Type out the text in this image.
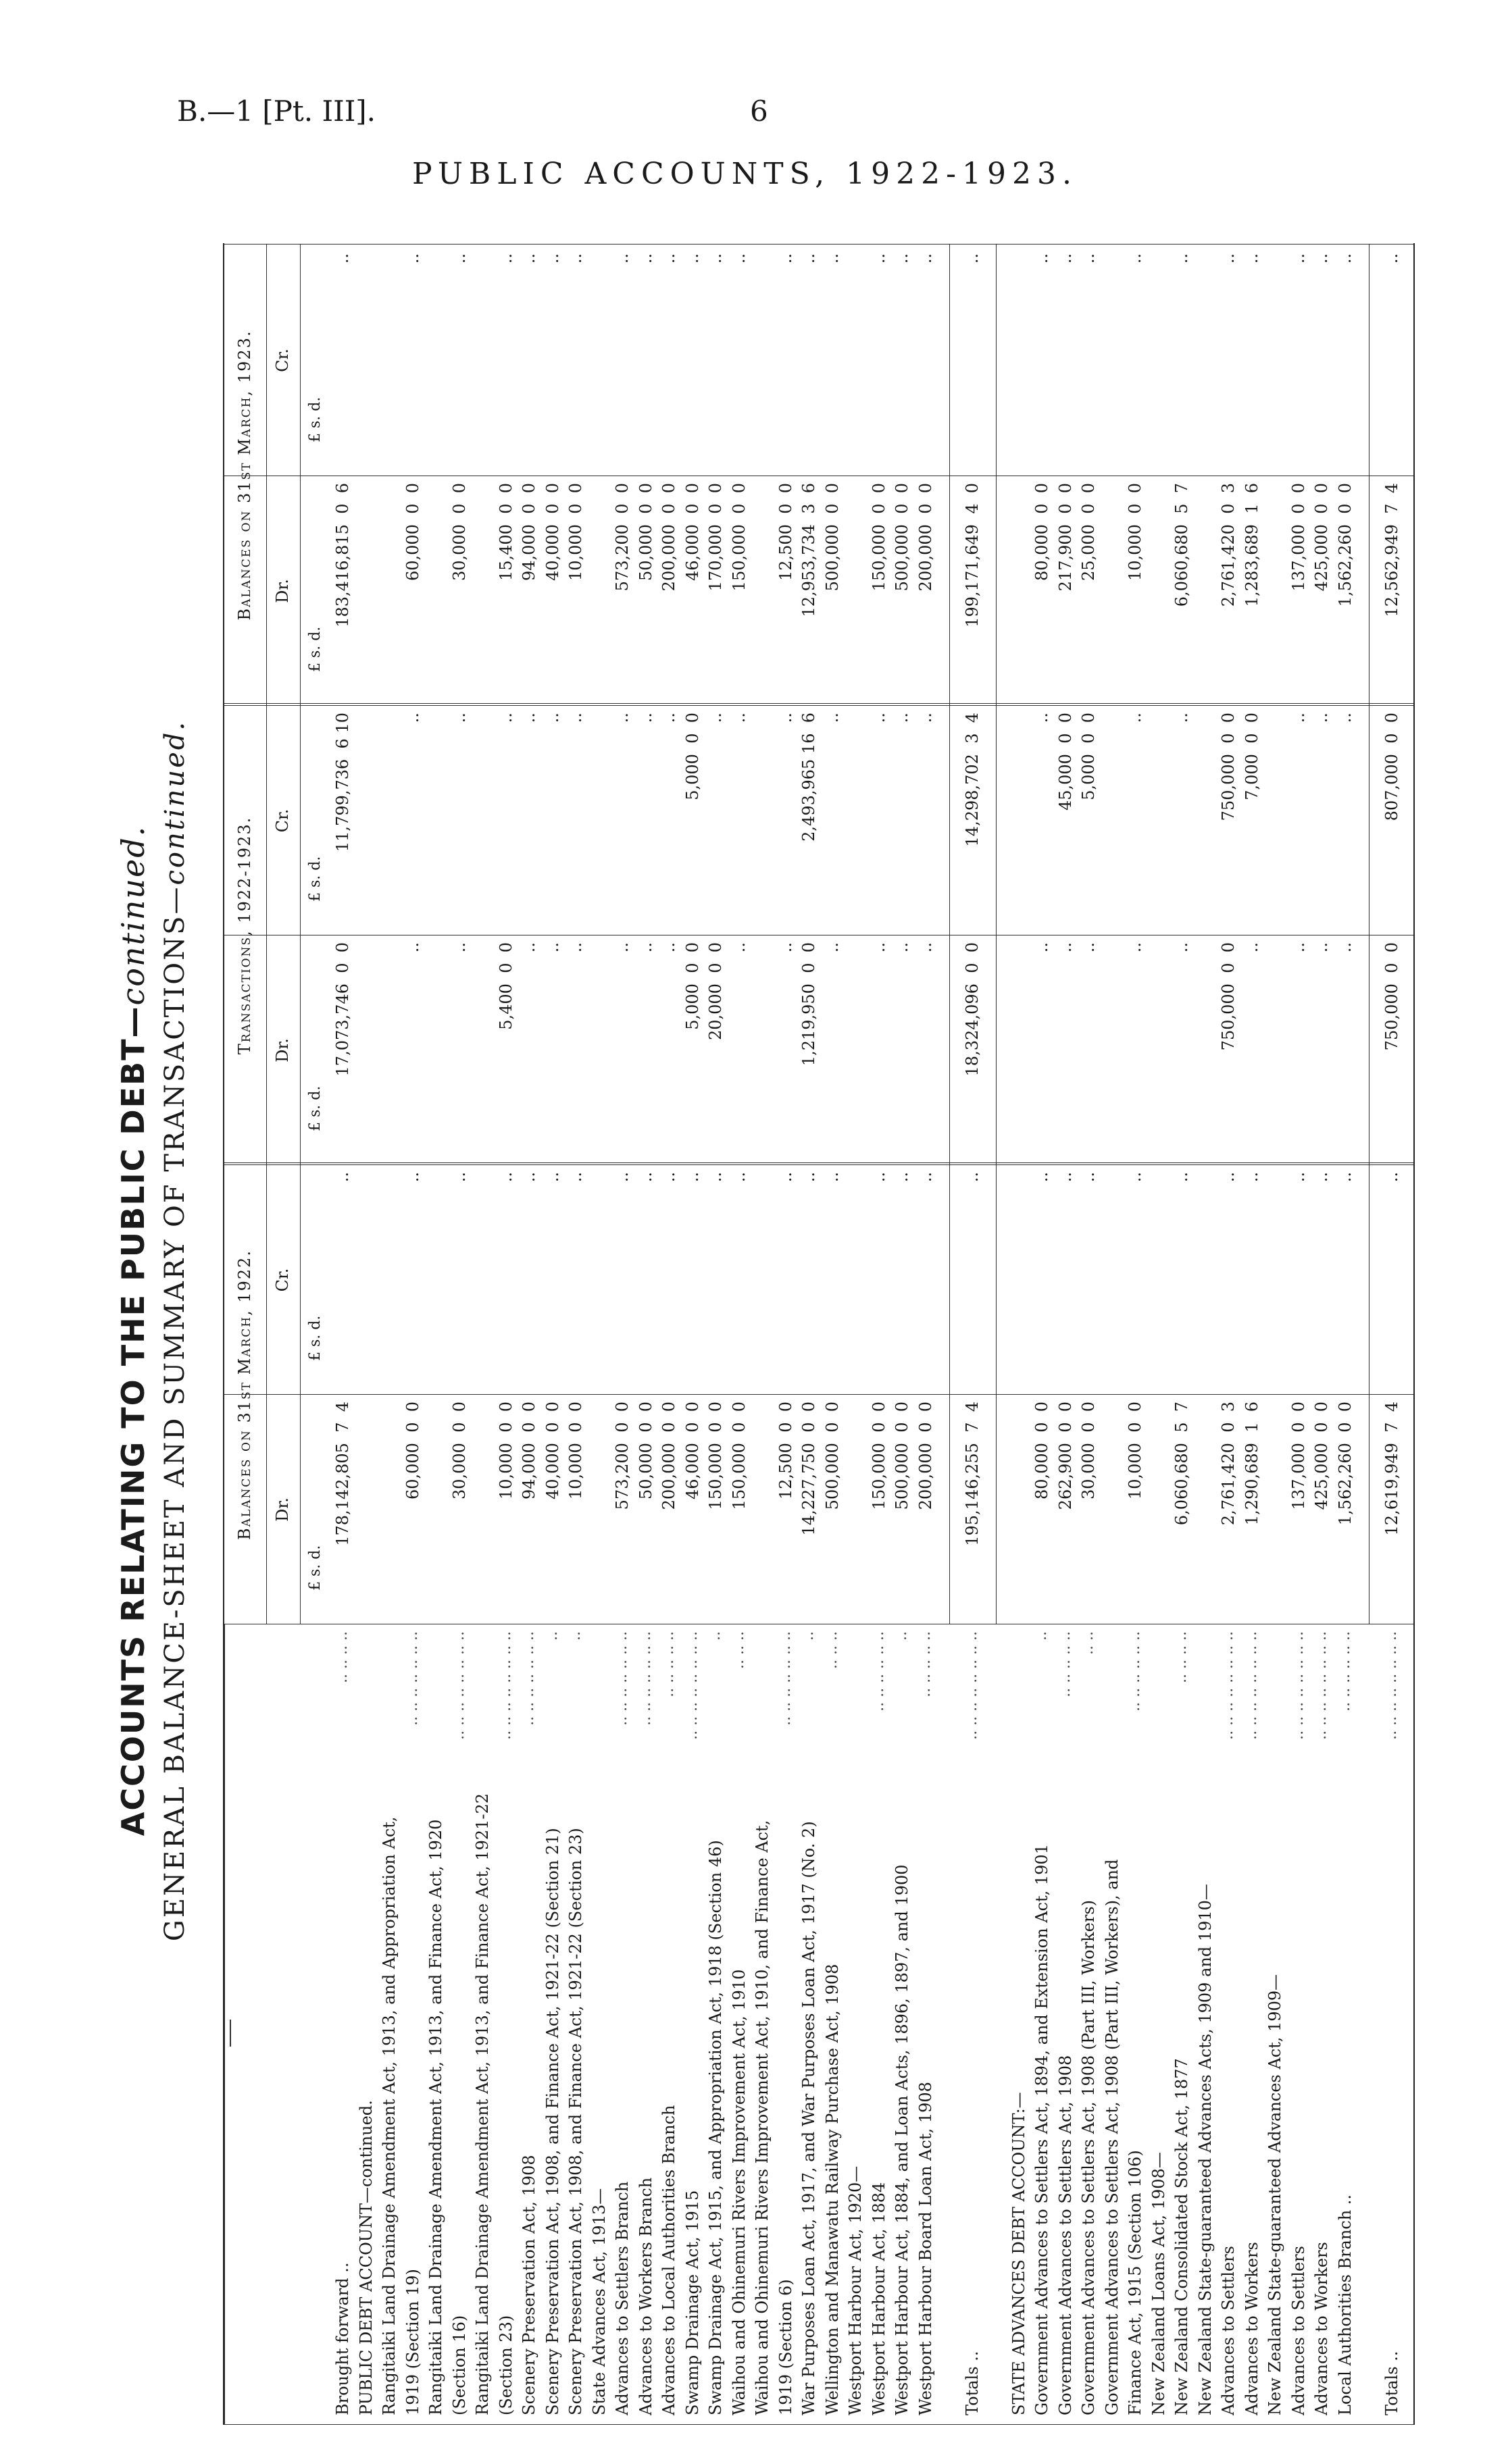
B.—1 [Pt. III].	6
PUBLIC ACCOUNTS, 1922-1923.
ACCOUNTS RELATING TO THE PUBLIC DEBT—continued. GENERAL BALANCE-SHEET AND SUMMARY OF TRANSACTIONS—continued.
Balances on 31st March, 1922.
Transactions, 1922-1923.
Balances on 31st March, 1923.
Dr.
Cr.
Dr.
Cr.
Dr.
Cr.
£ s. d.
£ s. d.
£ s. d.
£ s. d.
£ s. d.
£ s. d.
Brought forward ..
.. .. .. ..
178,142,805  7  4
..
17,073,746  0  0
11,799,736  6 10
183,416,815  0  6
..
PUBLIC DEBT ACCOUNT—continued. Rangitaiki Land Drainage Amendment Act, 1913, and Appropriation Act, 1919 (Section 19)
.. .. .. .. .. .. ..
60,000  0  0
..
..
..
60,000  0  0
..
Rangitaiki Land Drainage Amendment Act, 1913, and Finance Act, 1920 (Section 16)
.. .. .. .. .. .. .. ..
30,000  0  0
..
..
..
30,000  0  0
..
Rangitaiki Land Drainage Amendment Act, 1913, and Finance Act, 1921-22 (Section 23)
.. .. .. .. .. .. .. ..
10,000  0  0
..
5,400  0  0
..
15,400  0  0
..
Scenery Preservation Act, 1908
.. .. .. .. .. .. ..
94,000  0  0
..
..
..
94,000  0  0
..
Scenery Preservation Act, 1908, and Finance Act, 1921-22 (Section 21)
..
40,000  0  0
..
..
..
40,000  0  0
..
Scenery Preservation Act, 1908, and Finance Act, 1921-22 (Section 23)
..
10,000  0  0
..
..
..
10,000  0  0
..
State Advances Act, 1913— Advances to Settlers Branch
.. .. .. .. .. .. ..
573,200  0  0
..
..
..
573,200  0  0
..
Advances to Workers Branch
.. .. .. .. .. .. ..
50,000  0  0
..
..
..
50,000  0  0
..
Advances to Local Authorities Branch
.. .. .. .. ..
200,000  0  0
..
..
..
200,000  0  0
..
Swamp Drainage Act, 1915
.. .. .. .. .. .. .. ..
46,000  0  0
..
5,000  0  0
5,000  0  0
46,000  0  0
..
Swamp Drainage Act, 1915, and Appropriation Act, 1918 (Section 46)
..
150,000  0  0
..
20,000  0  0
..
170,000  0  0
..
Waihou and Ohinemuri Rivers Improvement Act, 1910
.. .. ..
150,000  0  0
..
..
..
150,000  0  0
..
Waihou and Ohinemuri Rivers Improvement Act, 1910, and Finance Act, 1919 (Section 6)
.. .. .. .. .. .. ..
12,500  0  0
..
..
..
12,500  0  0
..
War Purposes Loan Act, 1917, and War Purposes Loan Act, 1917 (No. 2)
..
14,227,750  0  0
..
1,219,950  0  0
2,493,965 16  6
12,953,734  3  6
..
Wellington and Manawatu Railway Purchase Act, 1908
.. .. ..
500,000  0  0
..
..
..
500,000  0  0
..
Westport Harbour Act, 1920— Westport Harbour Act, 1884
.. .. .. .. .. ..
150,000  0  0
..
..
..
150,000  0  0
..
Westport Harbour Act, 1884, and Loan Acts, 1896, 1897, and 1900
..
500,000  0  0
..
..
..
500,000  0  0
..
Westport Harbour Board Loan Act, 1908
.. .. .. .. ..
200,000  0  0
..
..
..
200,000  0  0
..
Totals ..
.. .. .. .. .. .. .. ..
195,146,255  7  4
..
18,324,096  0  0
14,298,702  3  4
199,171,649  4  0
..
STATE ADVANCES DEBT ACCOUNT:— Government Advances to Settlers Act, 1894, and Extension Act, 1901
..
80,000  0  0
..
..
..
80,000  0  0
..
Government Advances to Settlers Act, 1908
.. .. .. .. ..
262,900  0  0
..
..
45,000  0  0
217,900  0  0
..
Government Advances to Settlers Act, 1908 (Part III, Workers)
.. ..
30,000  0  0
..
..
5,000  0  0
25,000  0  0
..
Government Advances to Settlers Act, 1908 (Part III, Workers), and Finance Act, 1915 (Section 106)
.. .. .. .. .. ..
10,000  0  0
..
..
..
10,000  0  0
..
New Zealand Loans Act, 1908— New Zealand Consolidated Stock Act, 1877
.. .. .. ..
6,060,680  5  7
..
..
..
6,060,680  5  7
..
New Zealand State-guaranteed Advances Acts, 1909 and 1910— Advances to Settlers
.. .. .. .. .. .. .. ..
2,761,420  0  3
..
750,000  0  0
750,000  0  0
2,761,420  0  3
..
Advances to Workers
.. .. .. .. .. .. .. ..
1,290,689  1  6
..
..
7,000  0  0
1,283,689  1  6
..
New Zealand State-guaranteed Advances Act, 1909— Advances to Settlers
.. .. .. .. .. .. .. ..
137,000  0  0
..
..
..
137,000  0  0
..
Advances to Workers
.. .. .. .. .. .. .. ..
425,000  0  0
..
..
..
425,000  0  0
..
Local Authorities Branch ..
.. .. .. .. .. ..
1,562,260  0  0
..
..
..
1,562,260  0  0
..
Totals ..
.. .. .. .. .. .. .. ..
12,619,949  7  4
..
750,000  0  0
807,000  0  0
12,562,949  7  4
..
